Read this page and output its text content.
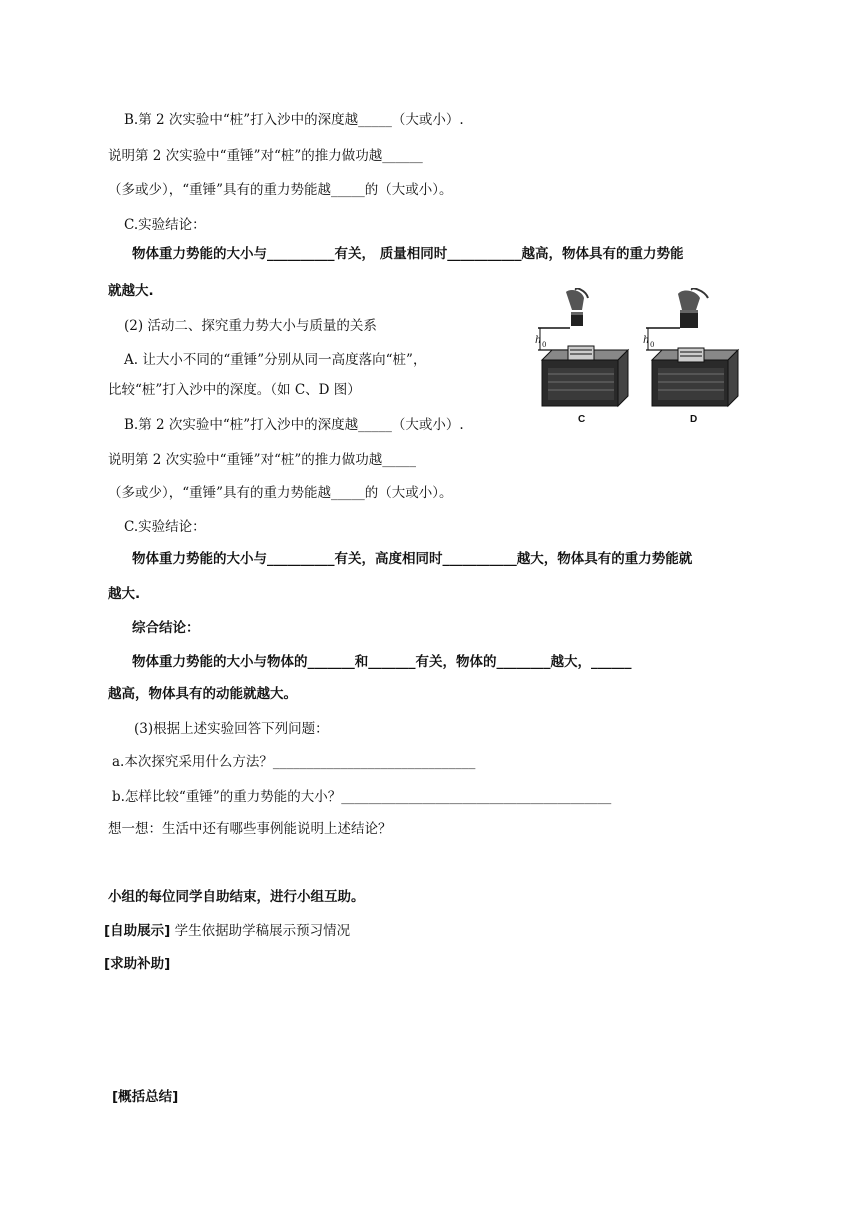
B.第 2 次实验中“桩”打入沙中的深度越_____（大或小）.
说明第 2 次实验中“重锤”对“桩”的推力做功越______
（多或少），“重锤”具有的重力势能越_____的（大或小）。
C.实验结论：
物体重力势能的大小与__________有关， 质量相同时___________越高，物体具有的重力势能
就越大.
(2) 活动二、探究重力势大小与质量的关系
A. 让大小不同的“重锤”分别从同一高度落向“桩”，
比较“桩”打入沙中的深度。（如 C、D 图）
B.第 2 次实验中“桩”打入沙中的深度越_____（大或小）.
说明第 2 次实验中“重锤”对“桩”的推力做功越_____
（多或少），“重锤”具有的重力势能越_____的（大或小）。
C.实验结论：
物体重力势能的大小与__________有关，高度相同时___________越大，物体具有的重力势能就
越大.
综合结论：
物体重力势能的大小与物体的_______和_______有关，物体的________越大，______
越高，物体具有的动能就越大。
(3)根据上述实验回答下列问题：
a.本次探究采用什么方法？______________________________
b.怎样比较“重锤”的重力势能的大小？________________________________________
想一想：生活中还有哪些事例能说明上述结论？
小组的每位同学自助结束，进行小组互助。
[自助展示] 学生依据助学稿展示预习情况
[求助补助]
[概括总结]
h 0
C
h 0
D
